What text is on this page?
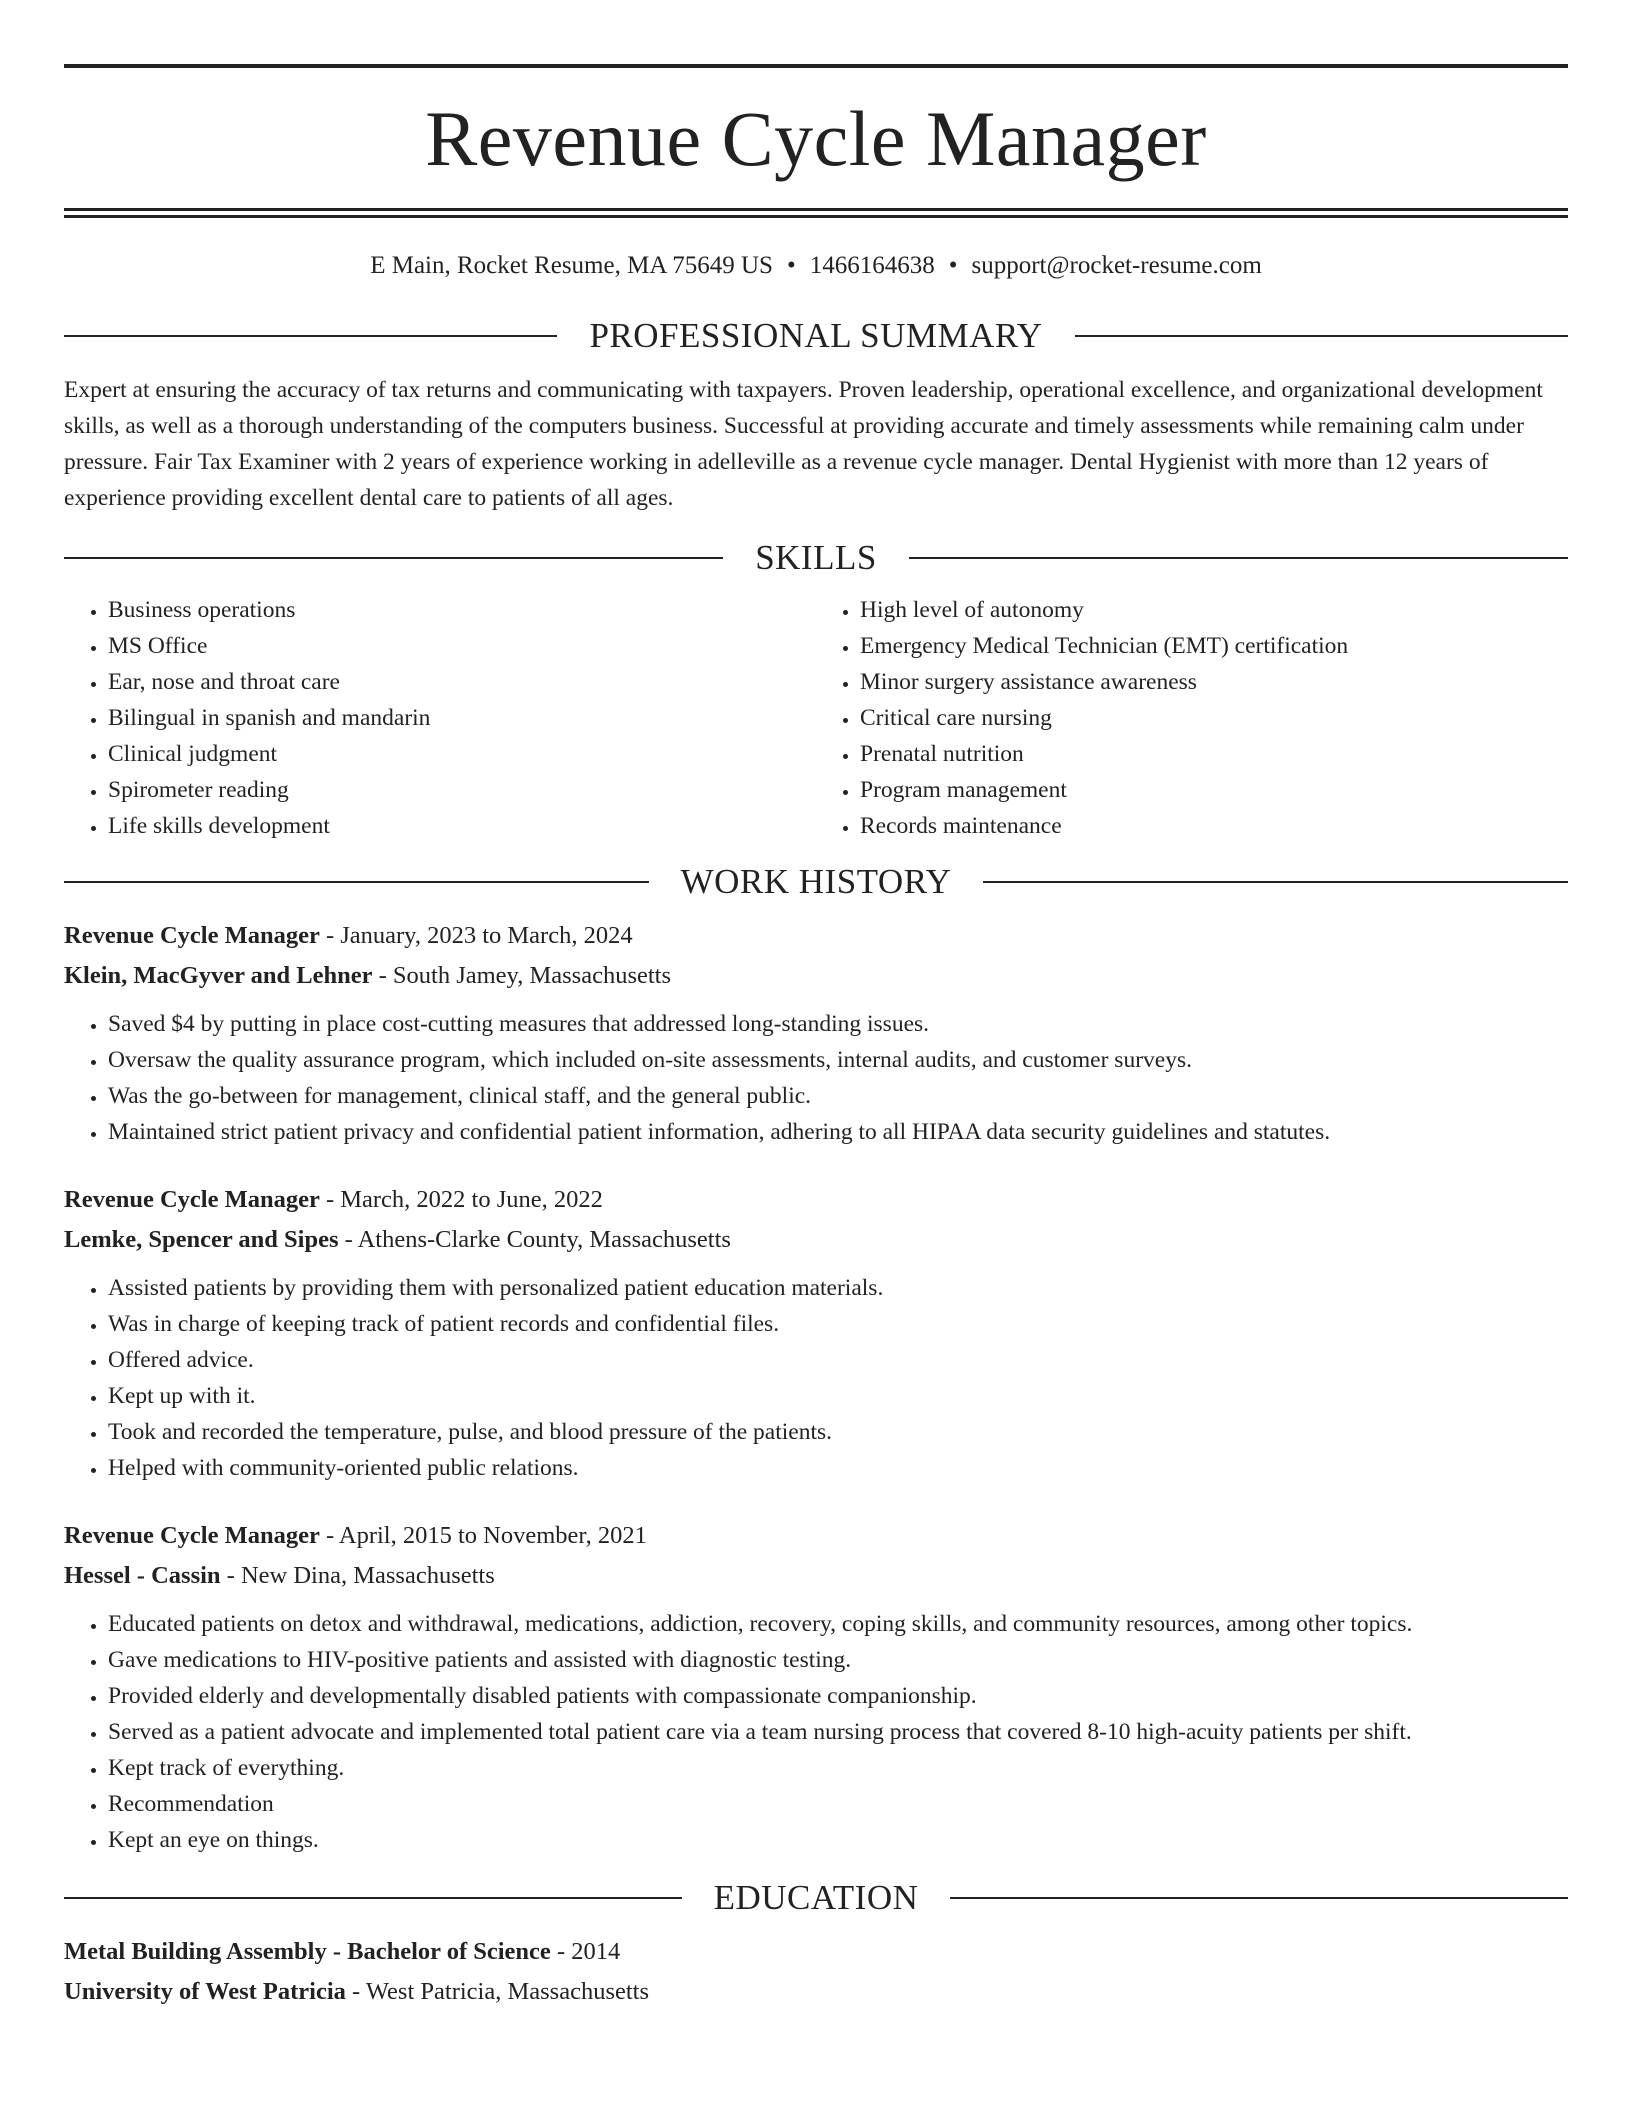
Revenue Cycle Manager
E Main, Rocket Resume, MA 75649 US • 1466164638 • support@rocket-resume.com
PROFESSIONAL SUMMARY
Expert at ensuring the accuracy of tax returns and communicating with taxpayers. Proven leadership, operational excellence, and organizational development skills, as well as a thorough understanding of the computers business. Successful at providing accurate and timely assessments while remaining calm under pressure. Fair Tax Examiner with 2 years of experience working in adelleville as a revenue cycle manager. Dental Hygienist with more than 12 years of experience providing excellent dental care to patients of all ages.
SKILLS
• Business operations
• MS Office
• Ear, nose and throat care
• Bilingual in spanish and mandarin
• Clinical judgment
• Spirometer reading
• Life skills development
• High level of autonomy
• Emergency Medical Technician (EMT) certification
• Minor surgery assistance awareness
• Critical care nursing
• Prenatal nutrition
• Program management
• Records maintenance
WORK HISTORY
Revenue Cycle Manager - January, 2023 to March, 2024
Klein, MacGyver and Lehner - South Jamey, Massachusetts
• Saved $4 by putting in place cost-cutting measures that addressed long-standing issues.
• Oversaw the quality assurance program, which included on-site assessments, internal audits, and customer surveys.
• Was the go-between for management, clinical staff, and the general public.
• Maintained strict patient privacy and confidential patient information, adhering to all HIPAA data security guidelines and statutes.
Revenue Cycle Manager - March, 2022 to June, 2022
Lemke, Spencer and Sipes - Athens-Clarke County, Massachusetts
• Assisted patients by providing them with personalized patient education materials.
• Was in charge of keeping track of patient records and confidential files.
• Offered advice.
• Kept up with it.
• Took and recorded the temperature, pulse, and blood pressure of the patients.
• Helped with community-oriented public relations.
Revenue Cycle Manager - April, 2015 to November, 2021
Hessel - Cassin - New Dina, Massachusetts
• Educated patients on detox and withdrawal, medications, addiction, recovery, coping skills, and community resources, among other topics.
• Gave medications to HIV-positive patients and assisted with diagnostic testing.
• Provided elderly and developmentally disabled patients with compassionate companionship.
• Served as a patient advocate and implemented total patient care via a team nursing process that covered 8-10 high-acuity patients per shift.
• Kept track of everything.
• Recommendation
• Kept an eye on things.
EDUCATION
Metal Building Assembly - Bachelor of Science - 2014
University of West Patricia - West Patricia, Massachusetts
